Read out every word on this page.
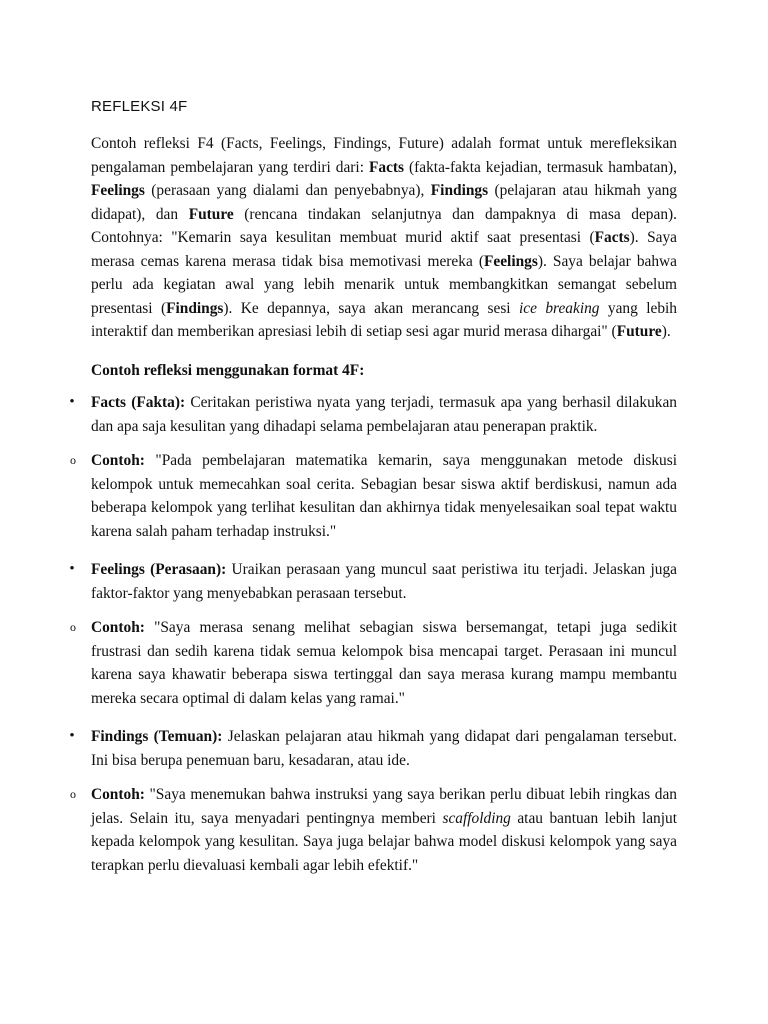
REFLEKSI 4F

Contoh refleksi F4 (Facts, Feelings, Findings, Future) adalah format untuk merefleksikan pengalaman pembelajaran yang terdiri dari: Facts (fakta-fakta kejadian, termasuk hambatan), Feelings (perasaan yang dialami dan penyebabnya), Findings (pelajaran atau hikmah yang didapat), dan Future (rencana tindakan selanjutnya dan dampaknya di masa depan). Contohnya: "Kemarin saya kesulitan membuat murid aktif saat presentasi (Facts). Saya merasa cemas karena merasa tidak bisa memotivasi mereka (Feelings). Saya belajar bahwa perlu ada kegiatan awal yang lebih menarik untuk membangkitkan semangat sebelum presentasi (Findings). Ke depannya, saya akan merancang sesi ice breaking yang lebih interaktif dan memberikan apresiasi lebih di setiap sesi agar murid merasa dihargai" (Future).

Contoh refleksi menggunakan format 4F:

• Facts (Fakta): Ceritakan peristiwa nyata yang terjadi, termasuk apa yang berhasil dilakukan dan apa saja kesulitan yang dihadapi selama pembelajaran atau penerapan praktik.

o Contoh: "Pada pembelajaran matematika kemarin, saya menggunakan metode diskusi kelompok untuk memecahkan soal cerita. Sebagian besar siswa aktif berdiskusi, namun ada beberapa kelompok yang terlihat kesulitan dan akhirnya tidak menyelesaikan soal tepat waktu karena salah paham terhadap instruksi."

• Feelings (Perasaan): Uraikan perasaan yang muncul saat peristiwa itu terjadi. Jelaskan juga faktor-faktor yang menyebabkan perasaan tersebut.

o Contoh: "Saya merasa senang melihat sebagian siswa bersemangat, tetapi juga sedikit frustrasi dan sedih karena tidak semua kelompok bisa mencapai target. Perasaan ini muncul karena saya khawatir beberapa siswa tertinggal dan saya merasa kurang mampu membantu mereka secara optimal di dalam kelas yang ramai."

• Findings (Temuan): Jelaskan pelajaran atau hikmah yang didapat dari pengalaman tersebut. Ini bisa berupa penemuan baru, kesadaran, atau ide.

o Contoh: "Saya menemukan bahwa instruksi yang saya berikan perlu dibuat lebih ringkas dan jelas. Selain itu, saya menyadari pentingnya memberi scaffolding atau bantuan lebih lanjut kepada kelompok yang kesulitan. Saya juga belajar bahwa model diskusi kelompok yang saya terapkan perlu dievaluasi kembali agar lebih efektif."
